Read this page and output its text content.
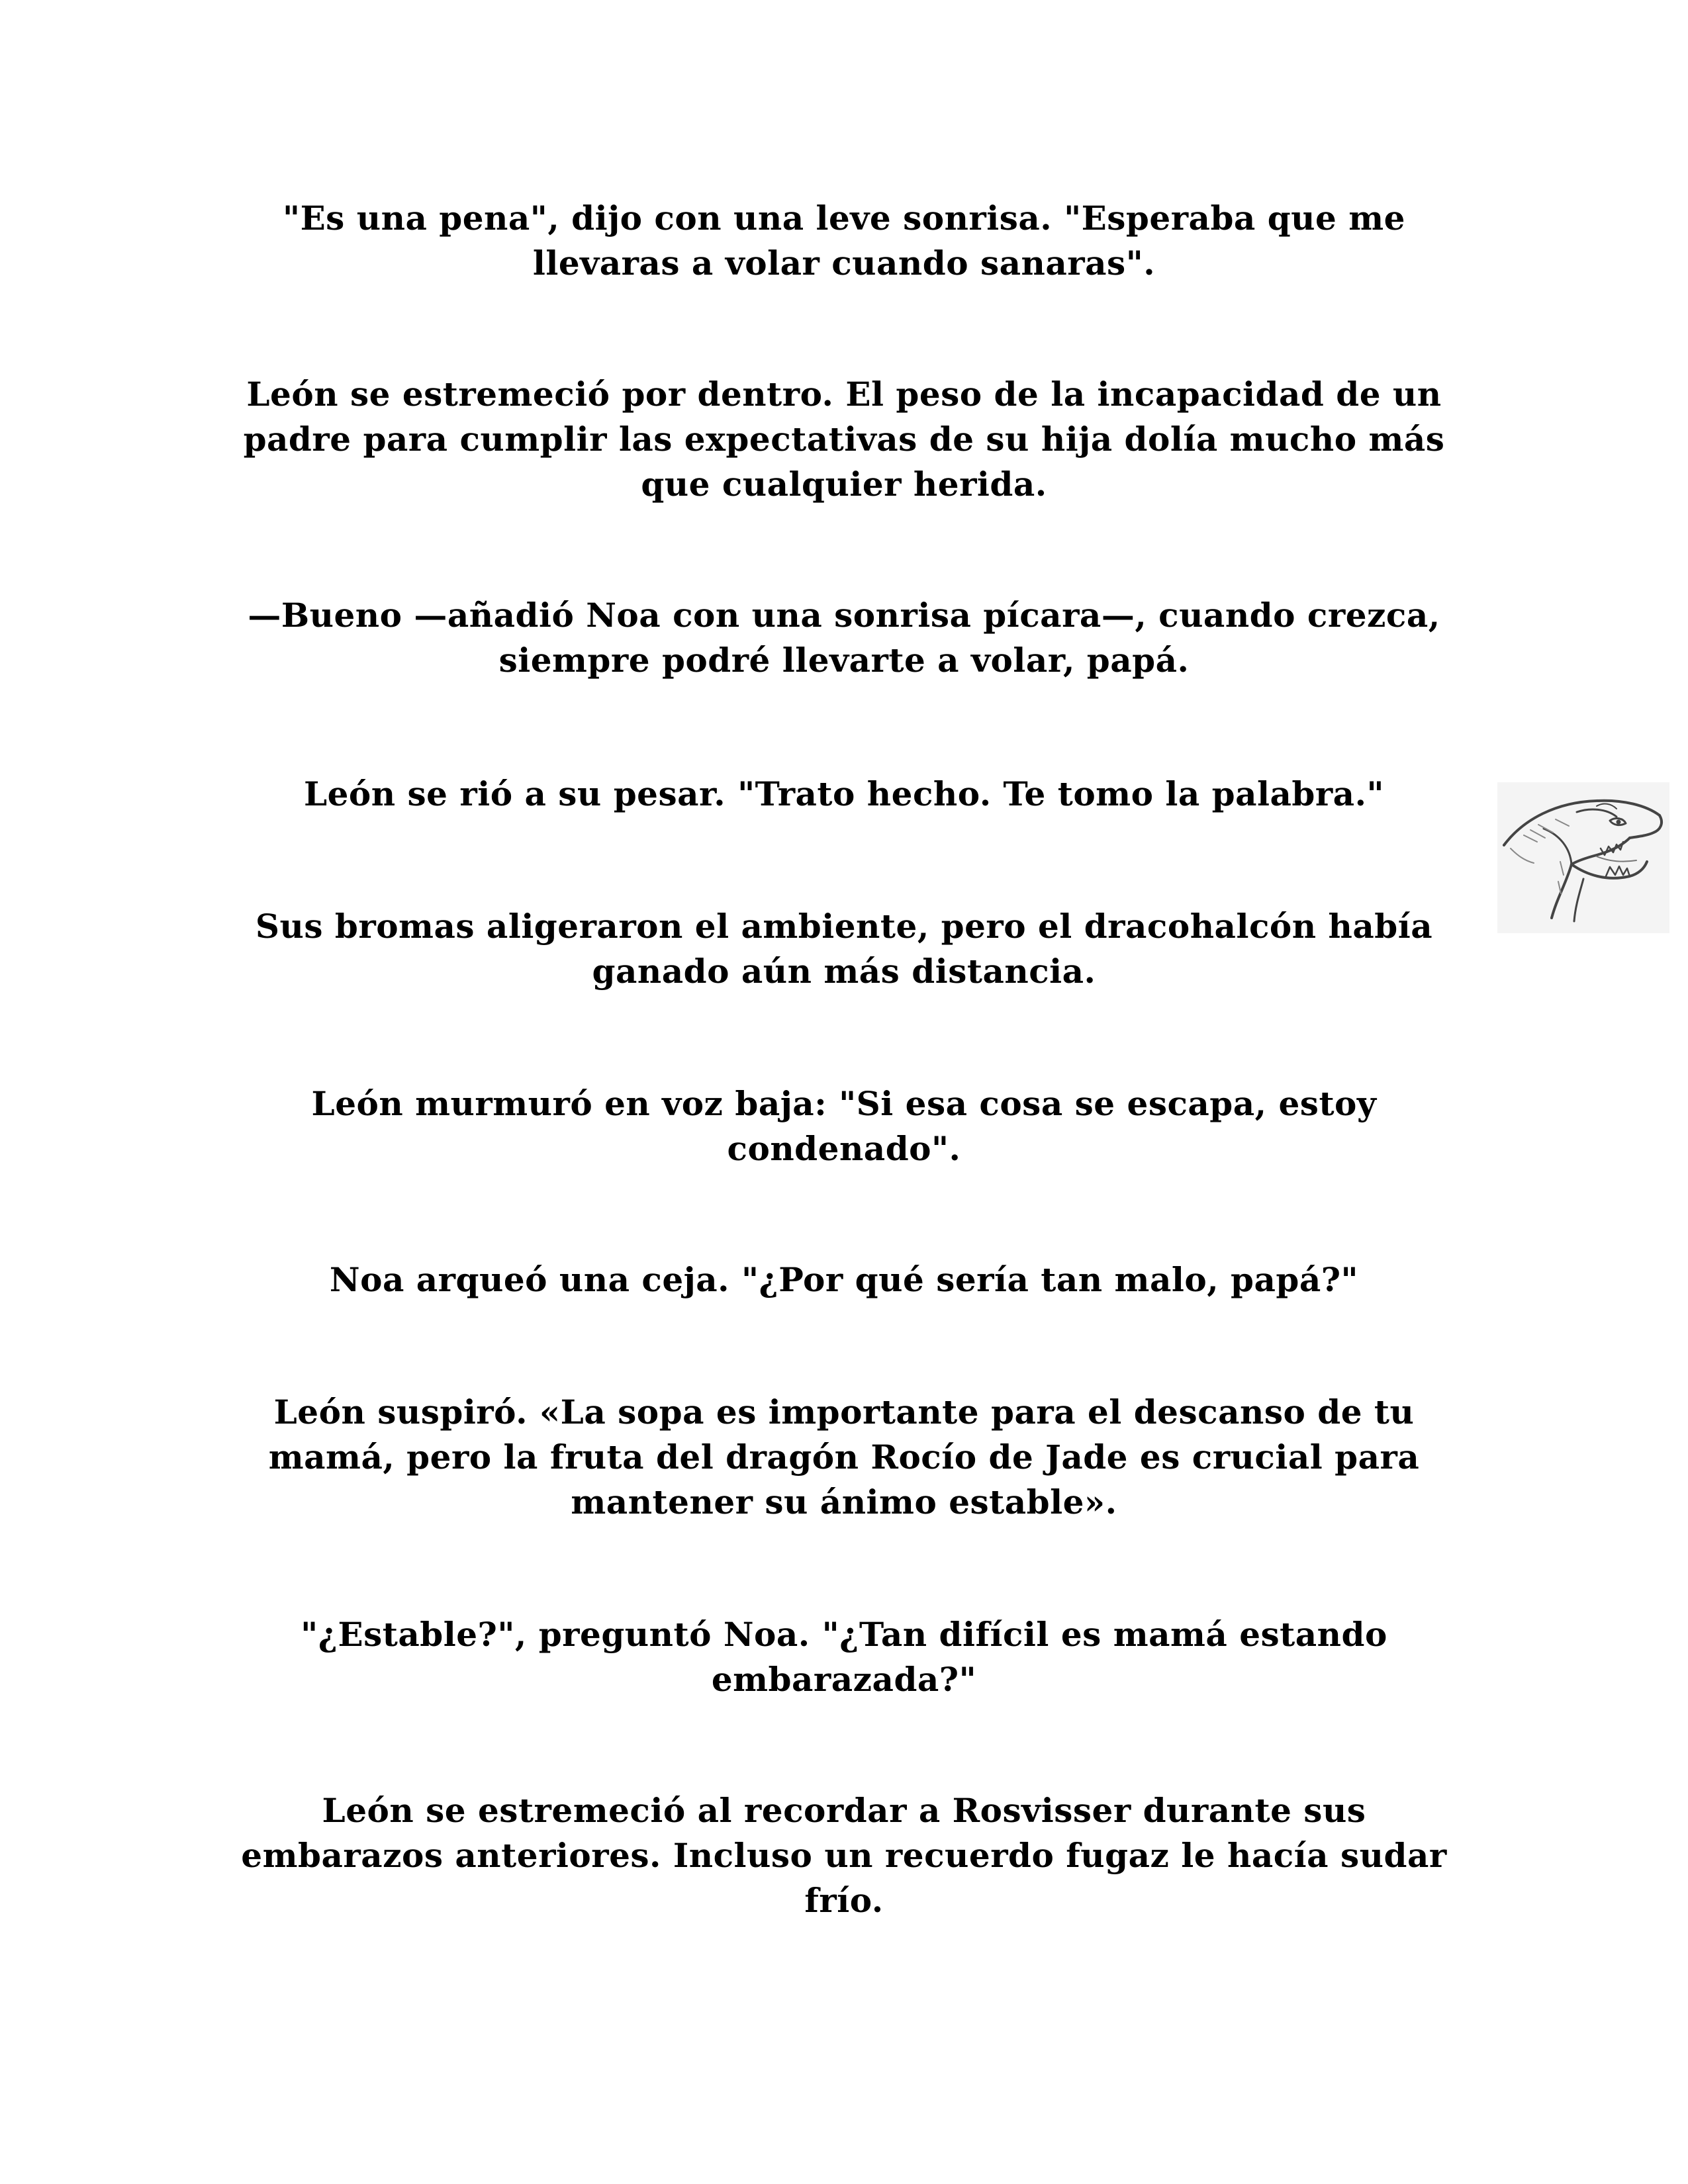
"Es una pena", dijo con una leve sonrisa. "Esperaba que me llevaras a volar cuando sanaras".

León se estremeció por dentro. El peso de la incapacidad de un padre para cumplir las expectativas de su hija dolía mucho más que cualquier herida.

—Bueno —añadió Noa con una sonrisa pícara—, cuando crezca, siempre podré llevarte a volar, papá.

León se rió a su pesar. "Trato hecho. Te tomo la palabra."

Sus bromas aligeraron el ambiente, pero el dracohalcón había ganado aún más distancia.

León murmuró en voz baja: "Si esa cosa se escapa, estoy condenado".

Noa arqueó una ceja. "¿Por qué sería tan malo, papá?"

León suspiró. «La sopa es importante para el descanso de tu mamá, pero la fruta del dragón Rocío de Jade es crucial para mantener su ánimo estable».

"¿Estable?", preguntó Noa. "¿Tan difícil es mamá estando embarazada?"

León se estremeció al recordar a Rosvisser durante sus embarazos anteriores. Incluso un recuerdo fugaz le hacía sudar frío.
